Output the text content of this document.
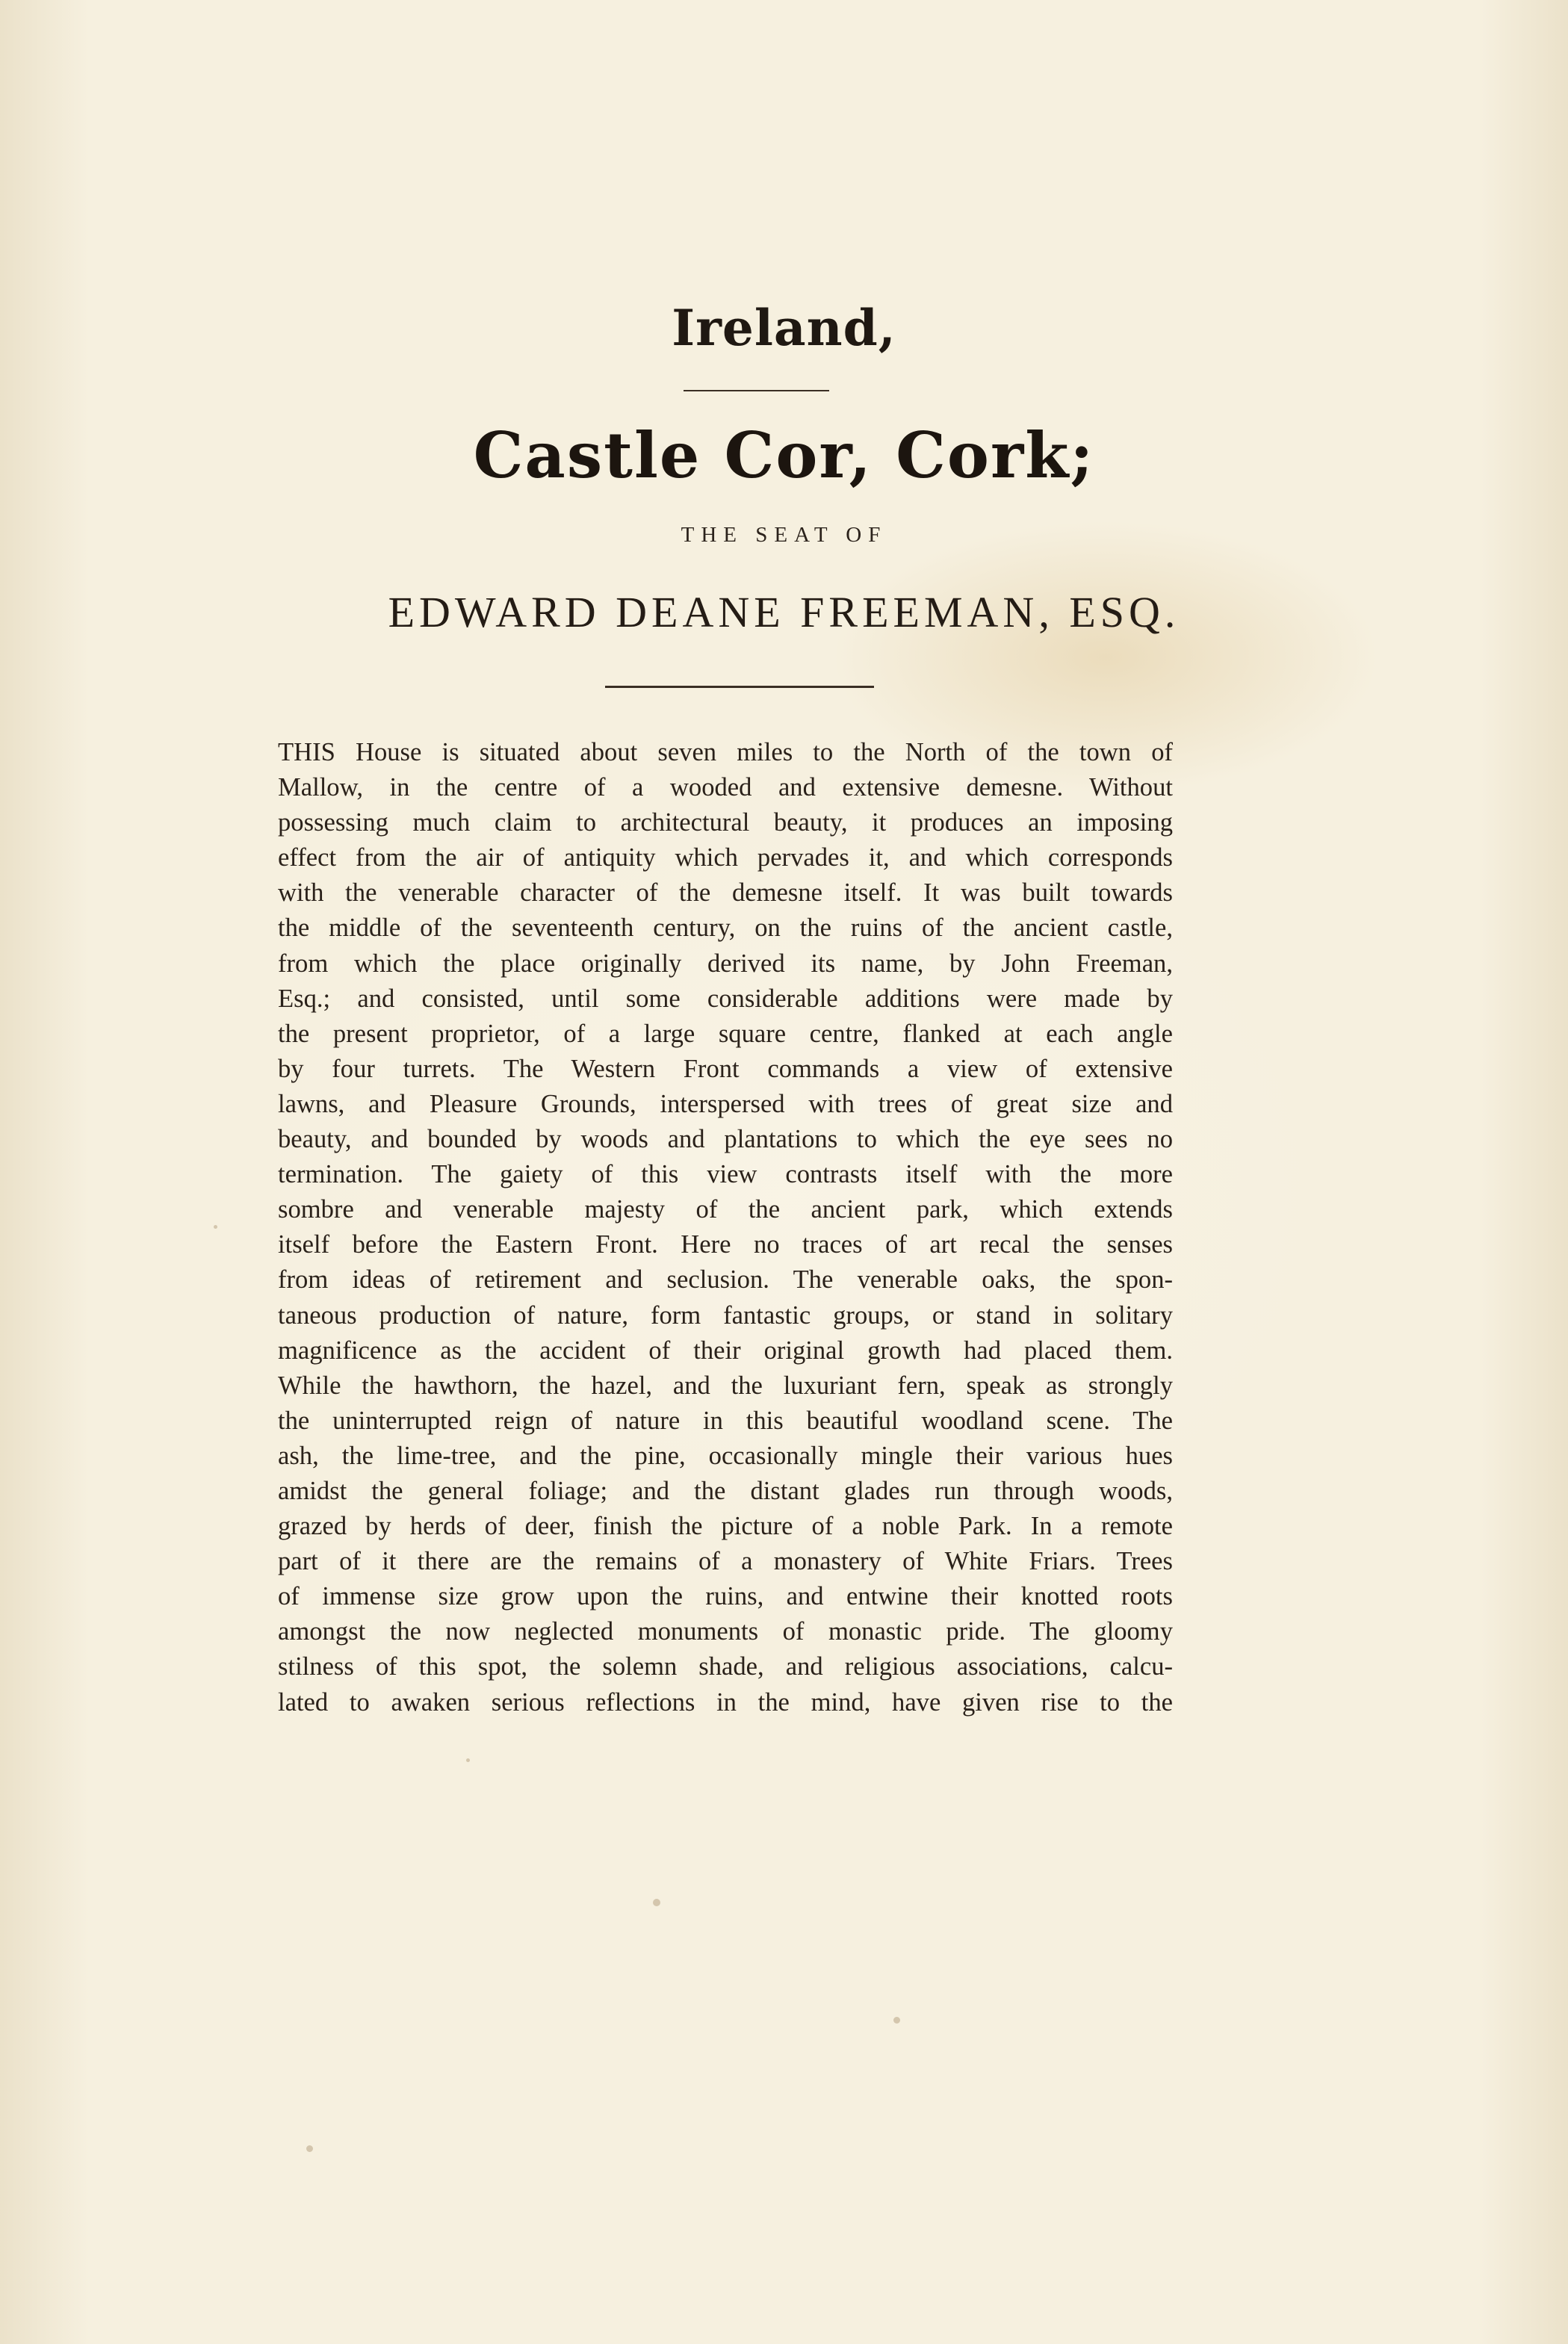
Ireland,
Castle Cor, Cork;
THE SEAT OF
EDWARD DEANE FREEMAN, ESQ.
THIS House is situated about seven miles to the North of the town of
Mallow, in the centre of a wooded and extensive demesne. Without
possessing much claim to architectural beauty, it produces an imposing
effect from the air of antiquity which pervades it, and which corresponds
with the venerable character of the demesne itself. It was built towards
the middle of the seventeenth century, on the ruins of the ancient castle,
from which the place originally derived its name, by John Freeman,
Esq.; and consisted, until some considerable additions were made by
the present proprietor, of a large square centre, flanked at each angle
by four turrets. The Western Front commands a view of extensive
lawns, and Pleasure Grounds, interspersed with trees of great size and
beauty, and bounded by woods and plantations to which the eye sees no
termination. The gaiety of this view contrasts itself with the more
sombre and venerable majesty of the ancient park, which extends
itself before the Eastern Front. Here no traces of art recal the senses
from ideas of retirement and seclusion. The venerable oaks, the spon-
taneous production of nature, form fantastic groups, or stand in solitary
magnificence as the accident of their original growth had placed them.
While the hawthorn, the hazel, and the luxuriant fern, speak as strongly
the uninterrupted reign of nature in this beautiful woodland scene. The
ash, the lime-tree, and the pine, occasionally mingle their various hues
amidst the general foliage; and the distant glades run through woods,
grazed by herds of deer, finish the picture of a noble Park. In a remote
part of it there are the remains of a monastery of White Friars. Trees
of immense size grow upon the ruins, and entwine their knotted roots
amongst the now neglected monuments of monastic pride. The gloomy
stilness of this spot, the solemn shade, and religious associations, calcu-
lated to awaken serious reflections in the mind, have given rise to the
